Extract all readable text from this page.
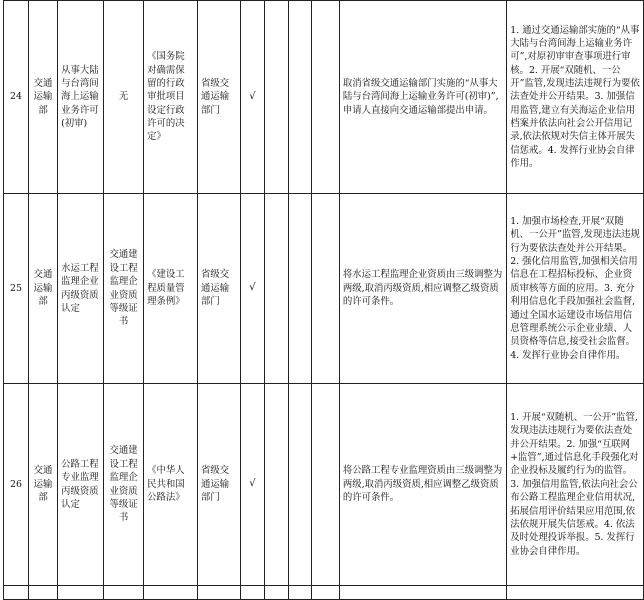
24	交通运输部	从事大陆与台湾间海上运输业务许可(初审)	无	《国务院对确需保留的行政审批项目设定行政许可的决定》	省级交通运输部门	√				取消省级交通运输部门实施的“从事大陆与台湾间海上运输业务许可(初审)”,申请人直接向交通运输部提出申请。	1. 通过交通运输部实施的“从事大陆与台湾间海上运输业务许可”,对原初审审查事项进行审核。2. 开展“双随机、一公开”监管,发现违法违规行为要依法查处并公开结果。3. 加强信用监管,建立有关海运企业信用档案并依法向社会公开信用记录,依法依规对失信主体开展失信惩戒。4. 发挥行业协会自律作用。
25	交通运输部	水运工程监理企业丙级资质认定	交通建设工程监理企业资质等级证书	《建设工程质量管理条例》	省级交通运输部门	√				将水运工程监理企业资质由三级调整为两级,取消丙级资质,相应调整乙级资质的许可条件。	1. 加强市场检查,开展“双随机、一公开”监管,发现违法违规行为要依法查处并公开结果。2. 强化信用监管,加强相关信用信息在工程招标投标、企业资质审核等方面的应用。3. 充分利用信息化手段加强社会监督,通过全国水运建设市场信用信息管理系统公示企业业绩、人员资格等信息,接受社会监督。4. 发挥行业协会自律作用。
26	交通运输部	公路工程专业监理丙级资质认定	交通建设工程监理企业资质等级证书	《中华人民共和国公路法》	省级交通运输部门	√				将公路工程专业监理资质由三级调整为两级,取消丙级资质,相应调整乙级资质的许可条件。	1. 开展“双随机、一公开”监管,发现违法违规行为要依法查处并公开结果。2. 加强“互联网+监管”,通过信息化手段强化对企业投标及履约行为的监管。3. 加强信用监管,依法向社会公布公路工程监理企业信用状况,拓展信用评价结果应用范围,依法依规开展失信惩戒。4. 依法及时处理投诉举报。5. 发挥行业协会自律作用。
